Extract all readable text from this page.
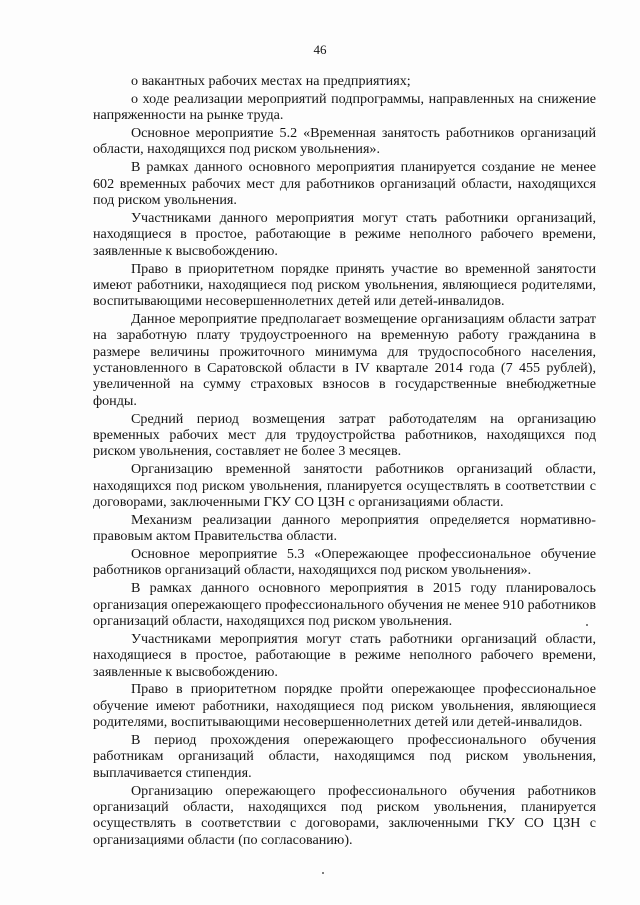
46

о вакантных рабочих местах на предприятиях;

о ходе реализации мероприятий подпрограммы, направленных на снижение напряженности на рынке труда.

Основное мероприятие 5.2 «Временная занятость работников организаций области, находящихся под риском увольнения».

В рамках данного основного мероприятия планируется создание не менее 602 временных рабочих мест для работников организаций области, находящихся под риском увольнения.

Участниками данного мероприятия могут стать работники организаций, находящиеся в простое, работающие в режиме неполного рабочего времени, заявленные к высвобождению.

Право в приоритетном порядке принять участие во временной занятости имеют работники, находящиеся под риском увольнения, являющиеся родителями, воспитывающими несовершеннолетних детей или детей-инвалидов.

Данное мероприятие предполагает возмещение организациям области затрат на заработную плату трудоустроенного на временную работу гражданина в размере величины прожиточного минимума для трудоспособного населения, установленного в Саратовской области в IV квартале 2014 года (7 455 рублей), увеличенной на сумму страховых взносов в государственные внебюджетные фонды.

Средний период возмещения затрат работодателям на организацию временных рабочих мест для трудоустройства работников, находящихся под риском увольнения, составляет не более 3 месяцев.

Организацию временной занятости работников организаций области, находящихся под риском увольнения, планируется осуществлять в соответствии с договорами, заключенными ГКУ СО ЦЗН с организациями области.

Механизм реализации данного мероприятия определяется нормативно-правовым актом Правительства области.

Основное мероприятие 5.3 «Опережающее профессиональное обучение работников организаций области, находящихся под риском увольнения».

В рамках данного основного мероприятия в 2015 году планировалось организация опережающего профессионального обучения не менее 910 работников организаций области, находящихся под риском увольнения.

Участниками мероприятия могут стать работники организаций области, находящиеся в простое, работающие в режиме неполного рабочего времени, заявленные к высвобождению.

Право в приоритетном порядке пройти опережающее профессиональное обучение имеют работники, находящиеся под риском увольнения, являющиеся родителями, воспитывающими несовершеннолетних детей или детей-инвалидов.

В период прохождения опережающего профессионального обучения работникам организаций области, находящимся под риском увольнения, выплачивается стипендия.

Организацию опережающего профессионального обучения работников организаций области, находящихся под риском увольнения, планируется осуществлять в соответствии с договорами, заключенными ГКУ СО ЦЗН с организациями области (по согласованию).
